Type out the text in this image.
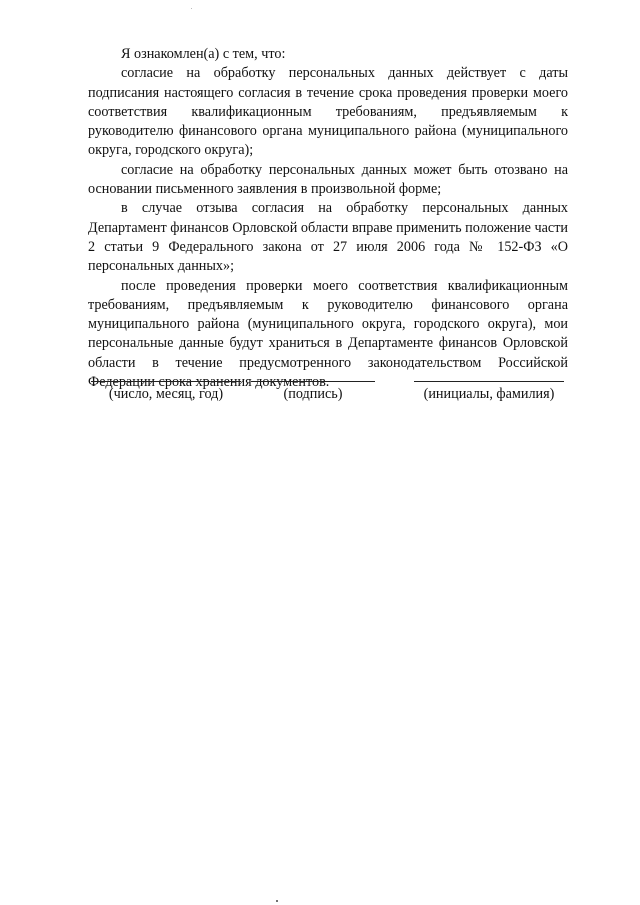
Я ознакомлен(а) с тем, что:

согласие на обработку персональных данных действует с даты подписания настоящего согласия в течение срока проведения проверки моего соответствия квалификационным требованиям, предъявляемым к руководителю финансового органа муниципального района (муниципального округа, городского округа);

согласие на обработку персональных данных может быть отозвано на основании письменного заявления в произвольной форме;

в случае отзыва согласия на обработку персональных данных Департамент финансов Орловской области вправе применить положение части 2 статьи 9 Федерального закона от 27 июля 2006 года № 152-ФЗ «О персональных данных»;

после проведения проверки моего соответствия квалификационным требованиям, предъявляемым к руководителю финансового органа муниципального района (муниципального округа, городского округа), мои персональные данные будут храниться в Департаменте финансов Орловской области в течение предусмотренного законодательством Российской Федерации срока хранения документов.

(число, месяц, год)	(подпись)	(инициалы, фамилия)
